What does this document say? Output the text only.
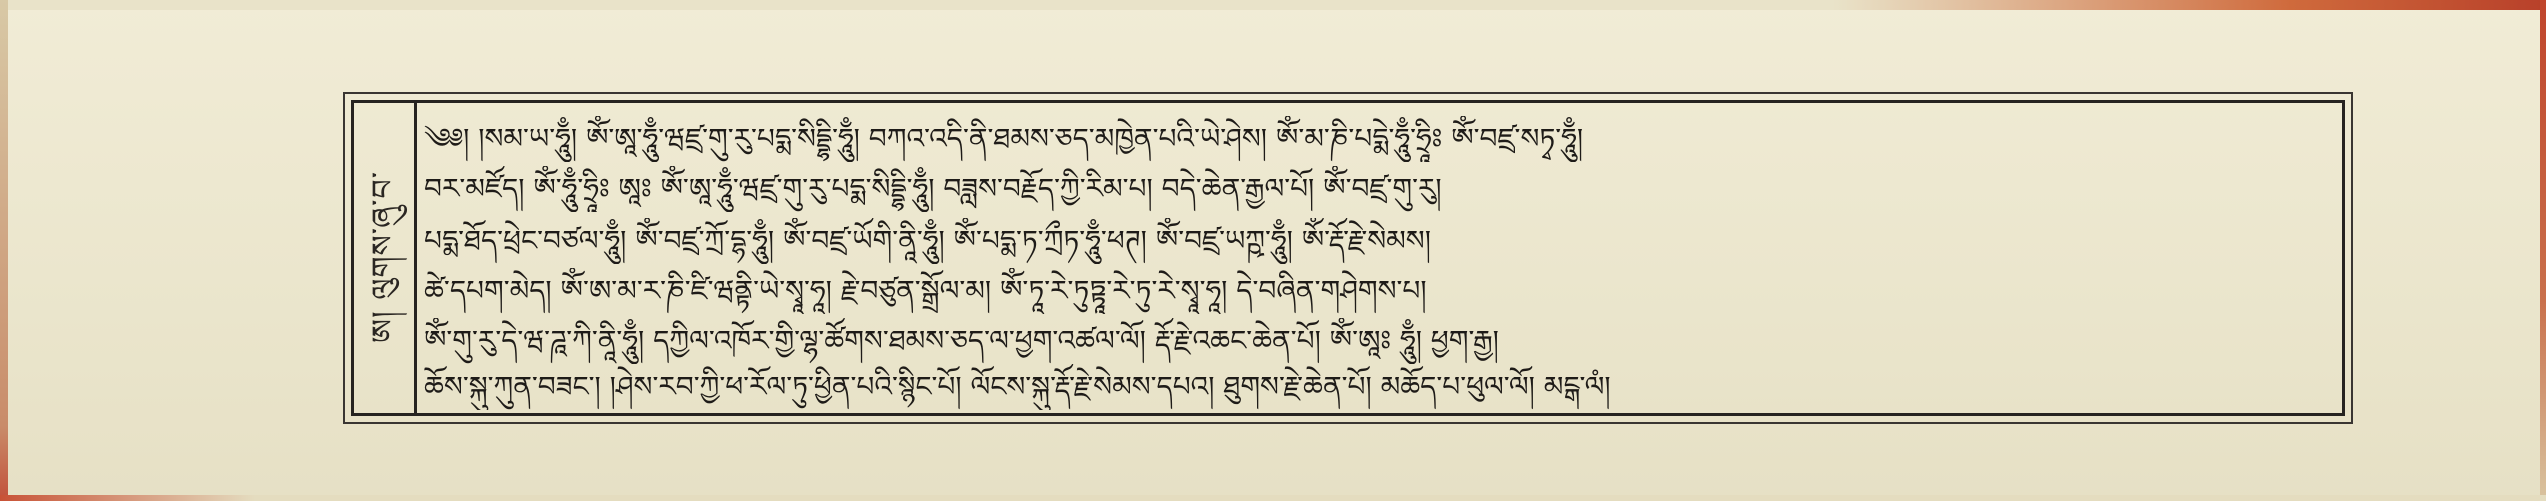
ཨ། ལུགས་ཞུ་བ་
༄༅། །སམ་ཡ་ཧཱུྃ། ཨོཾ་ཨཱ་ཧཱུྃ་ཝཛྲ་གུ་རུ་པདྨ་སིདྡྷི་ཧཱུྃ། བཀའ་འདི་ནི་ཐམས་ཅད་མཁྱེན་པའི་ཡེ་ཤེས། ཨོཾ་མ་ཎི་པདྨེ་ཧཱུྃ་ཧྲཱིཿ ཨོཾ་བཛྲ་སཏྭ་ཧཱུྃ།
བར་མཛོད། ཨོཾ་ཧཱུྃ་ཧྲཱིཿ ཨཱཿ ཨོཾ་ཨཱ་ཧཱུྃ་ཝཛྲ་གུ་རུ་པདྨ་སིདྡྷི་ཧཱུྃ། བཟླས་བརྗོད་ཀྱི་རིམ་པ། བདེ་ཆེན་རྒྱལ་པོ། ཨོཾ་བཛྲ་གུ་རུ།
པདྨ་ཐོད་ཕྲེང་བཙལ་ཧཱུྃ། ཨོཾ་བཛྲ་ཀྲོ་དྷ་ཧཱུྃ། ཨོཾ་བཛྲ་ཡོགི་ནཱི་ཧཱུྃ། ཨོཾ་པདྨ་ཏ་ཀྲྀཏ་ཧཱུྃ་ཕཊ། ཨོཾ་བཛྲ་ཡཀྵ་ཧཱུྃ། ཨོཾ་རྡོ་རྗེ་སེམས།
ཚེ་དཔག་མེད། ཨོཾ་ཨ་མ་ར་ཎི་ཛི་ཝནྟི་ཡེ་སྭཱ་ཧཱ། རྗེ་བཙུན་སྒྲོལ་མ། ཨོཾ་ཏཱ་རེ་ཏུཏྟཱ་རེ་ཏུ་རེ་སྭཱ་ཧཱ། དེ་བཞིན་གཤེགས་པ།
ཨོཾ་གུ་རུ་དེ་ཝ་ཌཱ་ཀི་ནཱི་ཧཱུྃ། དཀྱིལ་འཁོར་གྱི་ལྷ་ཚོགས་ཐམས་ཅད་ལ་ཕྱག་འཚལ་ལོ། རྡོ་རྗེ་འཆང་ཆེན་པོ། ཨོཾ་ཨཱཿ ཧཱུྃ། ཕྱག་རྒྱ།
ཆོས་སྐུ་ཀུན་བཟང་། །ཤེས་རབ་ཀྱི་ཕ་རོལ་ཏུ་ཕྱིན་པའི་སྙིང་པོ། ལོངས་སྐུ་རྡོ་རྗེ་སེམས་དཔའ། ཐུགས་རྗེ་ཆེན་པོ། མཆོད་པ་ཕུལ་ལོ། མངྒ་ལཾ།
